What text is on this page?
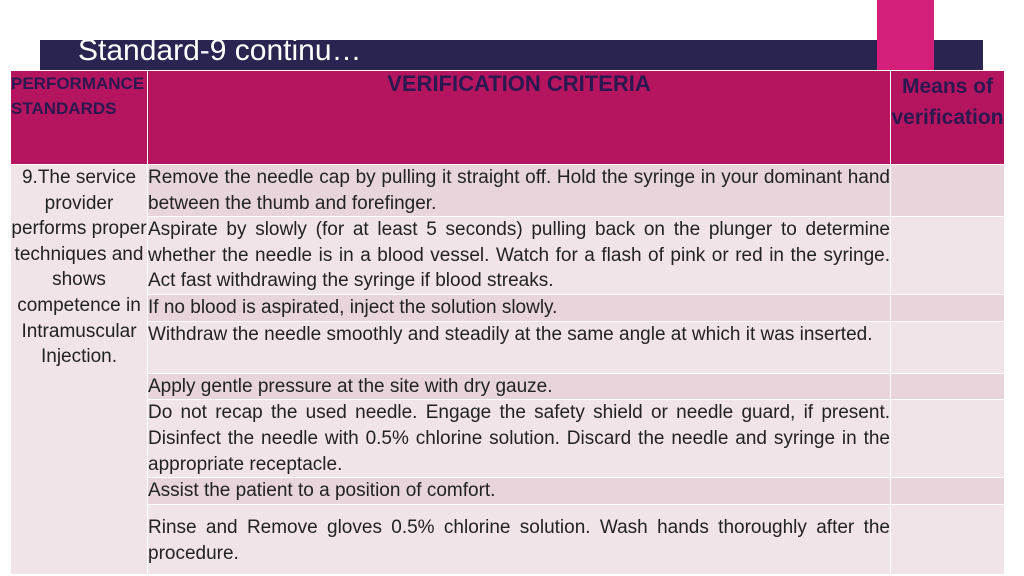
Standard-9 continu…
PERFORMANCE STANDARDS	VERIFICATION CRITERIA	Means of verification
9.The service provider performs proper techniques and shows competence in Intramuscular Injection.	Remove the needle cap by pulling it straight off. Hold the syringe in your dominant hand between the thumb and forefinger.	
	Aspirate by slowly (for at least 5 seconds) pulling back on the plunger to determine whether the needle is in a blood vessel. Watch for a flash of pink or red in the syringe. Act fast withdrawing the syringe if blood streaks.	
	If no blood is aspirated, inject the solution slowly.	
	Withdraw the needle smoothly and steadily at the same angle at which it was inserted.	
	Apply gentle pressure at the site with dry gauze.	
	Do not recap the used needle. Engage the safety shield or needle guard, if present. Disinfect the needle with 0.5% chlorine solution. Discard the needle and syringe in the appropriate receptacle.	
	Assist the patient to a position of comfort.	
	Rinse and Remove gloves 0.5% chlorine solution. Wash hands thoroughly after the procedure.	
